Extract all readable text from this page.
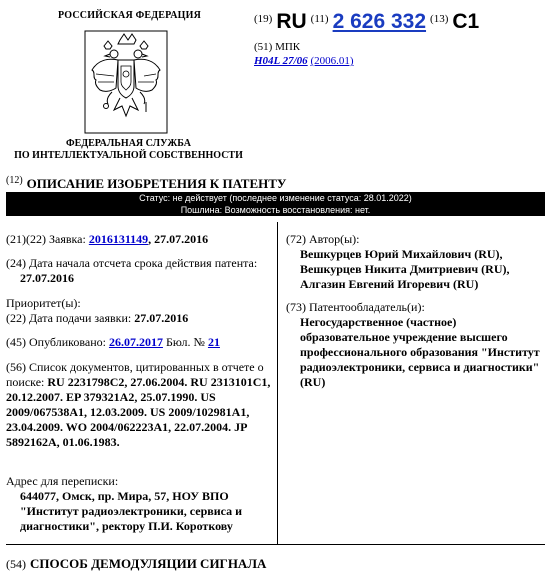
РОССИЙСКАЯ ФЕДЕРАЦИЯ
ФЕДЕРАЛЬНАЯ СЛУЖБА
ПО ИНТЕЛЛЕКТУАЛЬНОЙ СОБСТВЕННОСТИ
$^{(19)}$ RU $^{(11)}$ 2 626 332 $^{(13)}$ C1
(51) МПК
H04L 27/06 (2006.01)
$^{(12)}$ ОПИСАНИЕ ИЗОБРЕТЕНИЯ К ПАТЕНТУ
Статус: не действует (последнее изменение статуса: 28.01.2022)
Пошлина: Возможность восстановления: нет.
(21)(22) Заявка: 2016131149, 27.07.2016
(24) Дата начала отсчета срока действия патента:
27.07.2016
Приоритет(ы):
(22) Дата подачи заявки: 27.07.2016
(45) Опубликовано: 26.07.2017 Бюл. № 21
(56) Список документов, цитированных в отчете о поиске: RU 2231798C2, 27.06.2004. RU 2313101C1, 20.12.2007. EP 379321A2, 25.07.1990. US 2009/067538A1, 12.03.2009. US 2009/102981A1, 23.04.2009. WO 2004/062223A1, 22.07.2004. JP 5892162A, 01.06.1983.
Адрес для переписки:
644077, Омск, пр. Мира, 57, НОУ ВПО "Институт радиоэлектроники, сервиса и диагностики", ректору П.И. Короткову
(72) Автор(ы):
Вешкурцев Юрий Михайлович (RU),
Вешкурцев Никита Дмитриевич (RU),
Алгазин Евгений Игоревич (RU)
(73) Патентообладатель(и):
Негосударственное (частное) образовательное учреждение высшего профессионального образования "Институт радиоэлектроники, сервиса и диагностики" (RU)
(54) СПОСОБ ДЕМОДУЛЯЦИИ СИГНАЛА
